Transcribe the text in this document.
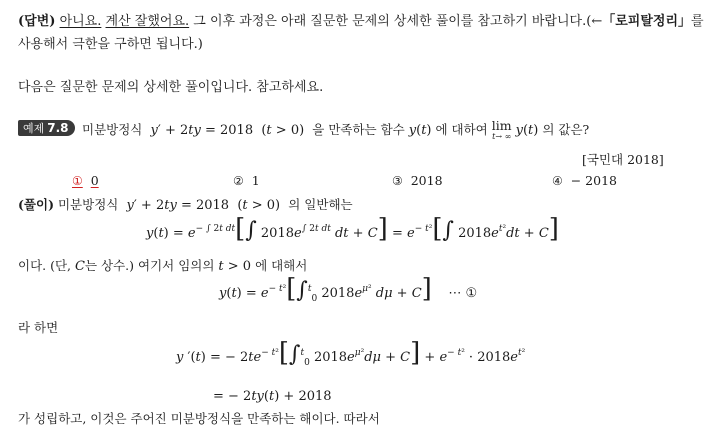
(답변) 아니요. 계산 잘했어요. 그 이후 과정은 아래 질문한 문제의 상세한 풀이를 참고하기 바랍니다.(←「로피탈정리」를
사용해서 극한을 구하면 됩니다.)
다음은 질문한 문제의 상세한 풀이입니다. 참고하세요.
예제 7.8	미분방정식 y′ + 2ty = 2018  (t > 0)  을 만족하는 함수 y(t) 에 대하여 lim
t→ ∞ y(t) 의 값은?
[국민대 2018]
① 0	② 1	③ 2018	④ − 2018
(풀이) 미분방정식 y′ + 2ty = 2018  (t > 0)  의 일반해는
$y(t) = e^{- \int 2t dt}[\int$ $2018e^{\int 2t dt}$ dt + $C] = e^{- t^2}[\int$ $2018e^{t^2}dt + C$]
이다. (단, C는 상수.) 여기서 임의의 t > 0 에 대해서
$y(t) = e^{- t^2}[\int^t_0$ $2018e^{\mu^2}$ dμ + C] ⋯ ①
라 하면
y ′(t) = − $2te^{- t^2}[\int^t_0$ $2018e^{\mu^2}d\mu + C] + e^{- t^2} \cdot 2018e^{t^2}$
= − 2ty(t) + 2018
가 성립하고, 이것은 주어진 미분방정식을 만족하는 해이다. 따라서
